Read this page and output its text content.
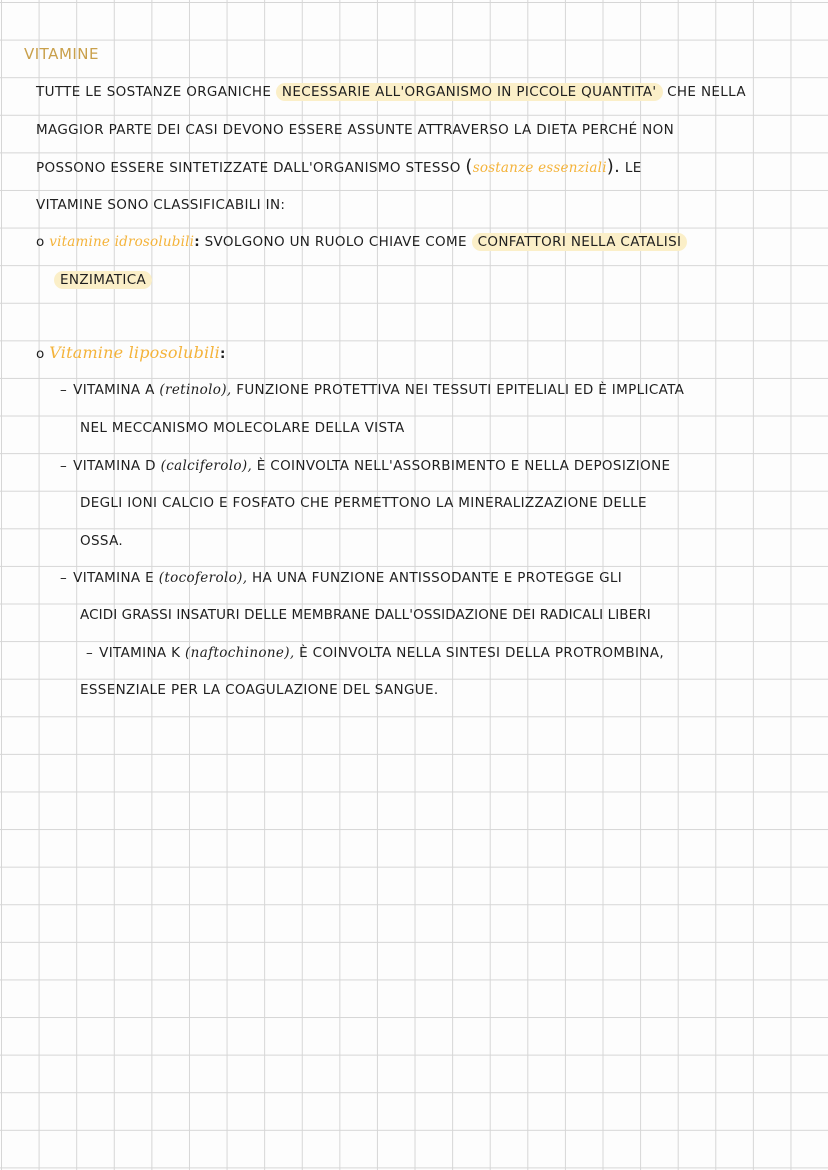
VITAMINE
TUTTE LE SOSTANZE ORGANICHE NECESSARIE ALL'ORGANISMO IN PICCOLE QUANTITA' CHE NELLA
MAGGIOR PARTE DEI CASI DEVONO ESSERE ASSUNTE ATTRAVERSO LA DIETA PERCHÉ NON
POSSONO ESSERE SINTETIZZATE DALL'ORGANISMO STESSO (sostanze essenziali). LE
VITAMINE SONO CLASSIFICABILI IN:
o vitamine idrosolubili: SVOLGONO UN RUOLO CHIAVE COME CONFATTORI NELLA CATALISI
ENZIMATICA
o Vitamine liposolubili:
– VITAMINA A (retinolo), FUNZIONE PROTETTIVA NEI TESSUTI EPITELIALI ED È IMPLICATA
NEL MECCANISMO MOLECOLARE DELLA VISTA
– VITAMINA D (calciferolo), È COINVOLTA NELL'ASSORBIMENTO E NELLA DEPOSIZIONE
DEGLI IONI CALCIO E FOSFATO CHE PERMETTONO LA MINERALIZZAZIONE DELLE
OSSA.
– VITAMINA E (tocoferolo), HA UNA FUNZIONE ANTISSODANTE E PROTEGGE GLI
ACIDI GRASSI INSATURI DELLE MEMBRANE DALL'OSSIDAZIONE DEI RADICALI LIBERI
– VITAMINA K (naftochinone), È COINVOLTA NELLA SINTESI DELLA PROTROMBINA,
ESSENZIALE PER LA COAGULAZIONE DEL SANGUE.
